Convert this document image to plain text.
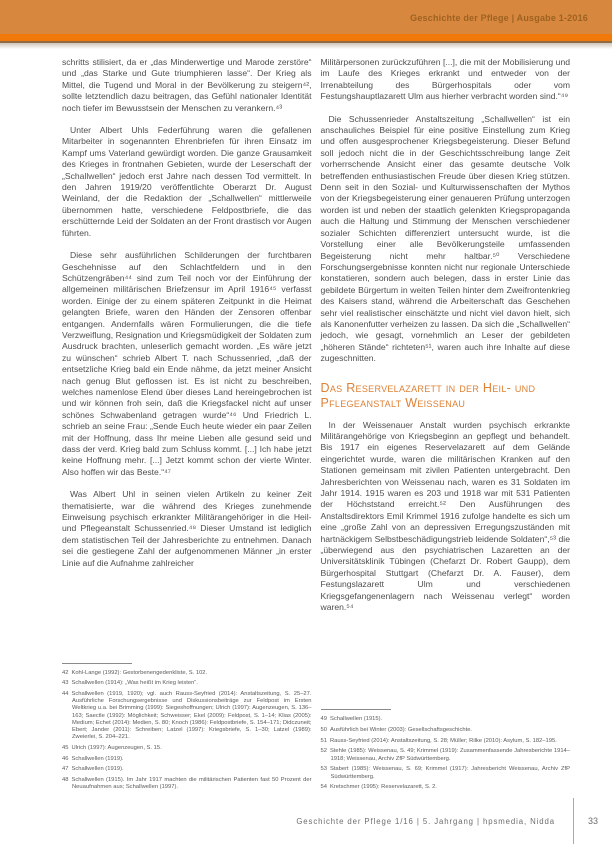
Geschichte der Pflege | Ausgabe 1-2016

schritts stilisiert, da er „das Minderwertige und Marode zerstöre“ und „das Starke und Gute triumphieren lasse“. Der Krieg als Mittel, die Tugend und Moral in der Bevölkerung zu steigern⁴², sollte letztendlich dazu beitragen, das Gefühl nationaler Identität noch tiefer im Bewusstsein der Menschen zu verankern.⁴³

Unter Albert Uhls Federführung waren die gefallenen Mitarbeiter in sogenannten Ehrenbriefen für ihren Einsatz im Kampf ums Vaterland gewürdigt worden. Die ganze Grausamkeit des Krieges in frontnahen Gebieten, wurde der Leserschaft der „Schallwellen“ jedoch erst Jahre nach dessen Tod vermittelt. In den Jahren 1919/20 veröffentlichte Oberarzt Dr. August Weinland, der die Redaktion der „Schallwellen“ mittlerweile übernommen hatte, verschiedene Feldpostbriefe, die das erschütternde Leid der Soldaten an der Front drastisch vor Augen führten.

Diese sehr ausführlichen Schilderungen der furchtbaren Geschehnisse auf den Schlachtfeldern und in den Schützengräben⁴⁴ sind zum Teil noch vor der Einführung der allgemeinen militärischen Briefzensur im April 1916⁴⁵ verfasst worden. Einige der zu einem späteren Zeitpunkt in die Heimat gelangten Briefe, waren den Händen der Zensoren offenbar entgangen. Andernfalls wären Formulierungen, die die tiefe Verzweiflung, Resignation und Kriegsmüdigkeit der Soldaten zum Ausdruck brachten, unleserlich gemacht worden. „Es wäre jetzt zu wünschen“ schrieb Albert T. nach Schussenried, „daß der entsetzliche Krieg bald ein Ende nähme, da jetzt meiner Ansicht nach genug Blut geflossen ist. Es ist nicht zu beschreiben, welches namenlose Elend über dieses Land hereingebrochen ist und wir können froh sein, daß die Kriegsfackel nicht auf unser schönes Schwabenland getragen wurde“⁴⁶ Und Friedrich L. schrieb an seine Frau: „Sende Euch heute wieder ein paar Zeilen mit der Hoffnung, dass Ihr meine Lieben alle gesund seid und dass der verd. Krieg bald zum Schluss kommt. [...] Ich habe jetzt keine Hoffnung mehr. [...] Jetzt kommt schon der vierte Winter. Also hoffen wir das Beste.“⁴⁷

Was Albert Uhl in seinen vielen Artikeln zu keiner Zeit thematisierte, war die während des Krieges zunehmende Einweisung psychisch erkrankter Militärangehöriger in die Heil- und Pflegeanstalt Schussenried.⁴⁸ Dieser Umstand ist lediglich dem statistischen Teil der Jahresberichte zu entnehmen. Danach sei die gestiegene Zahl der aufgenommenen Männer „in erster Linie auf die Aufnahme zahlreicher

42 Kohl-Lange (1992): Gestorbenengedenkliste, S. 102.
43 Schallwellen (1914): „Was heißt im Krieg leisten“.
44 Schallwellen (1919, 1920); vgl. auch Rauss-Seyfried (2014): Anstaltszeitung, S. 25–27. Ausführliche Forschungsergebnisse und Diskussionsbeiträge zur Feldpost im Ersten Weltkrieg u.a. bei Brimming (1999): Siegeshoffnungen; Ulrich (1997): Augenzeugen, S. 136–163; Saectle (1992): Möglichkeit; Schweisser; Ekel (2009): Feldpost, S. 1–14; Klias (2005): Medium; Echet (2014): Medien, S. 80; Knoch (1986): Feldpostbriefe, S. 154–171; Didczuneit; Ebert; Jander (2011): Schreiben; Latzel (1997): Kriegsbriefe, S. 1–30; Latzel (1989): Zweierlei, S. 204–221.
45 Ulrich (1997): Augenzeugen, S. 15.
46 Schallwellen (1919).
47 Schallwellen (1919).
48 Schallwellen (1915). Im Jahr 1917 machten die militärischen Patienten fast 50 Prozent der Neuaufnahmen aus; Schallwellen (1997).

Militärpersonen zurückzuführen [...], die mit der Mobilisierung und im Laufe des Krieges erkrankt und entweder von der Irrenabteilung des Bürgerhospitals oder vom Festungshauptlazarett Ulm aus hierher verbracht worden sind.“⁴⁹

Die Schussenrieder Anstaltszeitung „Schallwellen“ ist ein anschauliches Beispiel für eine positive Einstellung zum Krieg und offen ausgesprochener Kriegsbegeisterung. Dieser Befund soll jedoch nicht die in der Geschichtsschreibung lange Zeit vorherrschende Ansicht einer das gesamte deutsche Volk betreffenden enthusiastischen Freude über diesen Krieg stützen. Denn seit in den Sozial- und Kulturwissenschaften der Mythos von der Kriegsbegeisterung einer genaueren Prüfung unterzogen worden ist und neben der staatlich gelenkten Kriegspropaganda auch die Haltung und Stimmung der Menschen verschiedener sozialer Schichten differenziert untersucht wurde, ist die Vorstellung einer alle Bevölkerungsteile umfassenden Begeisterung nicht mehr haltbar.⁵⁰ Verschiedene Forschungsergebnisse konnten nicht nur regionale Unterschiede konstatieren, sondern auch belegen, dass in erster Linie das gebildete Bürgertum in weiten Teilen hinter dem Zweifrontenkrieg des Kaisers stand, während die Arbeiterschaft das Geschehen sehr viel realistischer einschätzte und nicht viel davon hielt, sich als Kanonenfutter verheizen zu lassen. Da sich die „Schallwellen“ jedoch, wie gesagt, vornehmlich an Leser der gebildeten „höheren Stände“ richteten⁵¹, waren auch ihre Inhalte auf diese zugeschnitten.

Das Reservelazarett in der Heil- und Pflegeanstalt Weissenau

In der Weissenauer Anstalt wurden psychisch erkrankte Militärangehörige von Kriegsbeginn an gepflegt und behandelt. Bis 1917 ein eigenes Reservelazarett auf dem Gelände eingerichtet wurde, waren die militärischen Kranken auf den Stationen gemeinsam mit zivilen Patienten untergebracht. Den Jahresberichten von Weissenau nach, waren es 31 Soldaten im Jahr 1914. 1915 waren es 203 und 1918 war mit 531 Patienten der Höchststand erreicht.⁵² Den Ausführungen des Anstaltsdirektors Emil Krimmel 1916 zufolge handelte es sich um eine „große Zahl von an depressiven Erregungszuständen mit hartnäckigem Selbstbeschädigungstrieb leidende Soldaten“,⁵³ die „überwiegend aus den psychiatrischen Lazaretten an der Universitätsklinik Tübingen (Chefarzt Dr. Robert Gaupp), dem Bürgerhospital Stuttgart (Chefarzt Dr. A. Fauser), dem Festungslazarett Ulm und verschiedenen Kriegsgefangenenlagern nach Weissenau verlegt“ worden waren.⁵⁴

49 Schallwellen (1915).
50 Ausführlich bei Winter (2003): Gesellschaftsgeschichte.
51 Rauss-Seyfried (2014): Anstaltszeitung, S. 28; Müller; Rilke (2010): Asylum, S. 182–195.
52 Stehle (1985): Weissenau, S. 49; Krimmel (1919): Zusammenfassende Jahresberichte 1914–1918; Weissenau, Archiv ZfP Südwürttemberg.
53 Stabert (1985): Weissenau, S. 69; Krimmel (1917): Jahresbericht Weissenau, Archiv ZfP Südwürttemberg.
54 Kretschmer (1995): Reservelazarett, S. 2.
Geschichte der Pflege 1/16 | 5. Jahrgang | hpsmedia, Nidda	33
